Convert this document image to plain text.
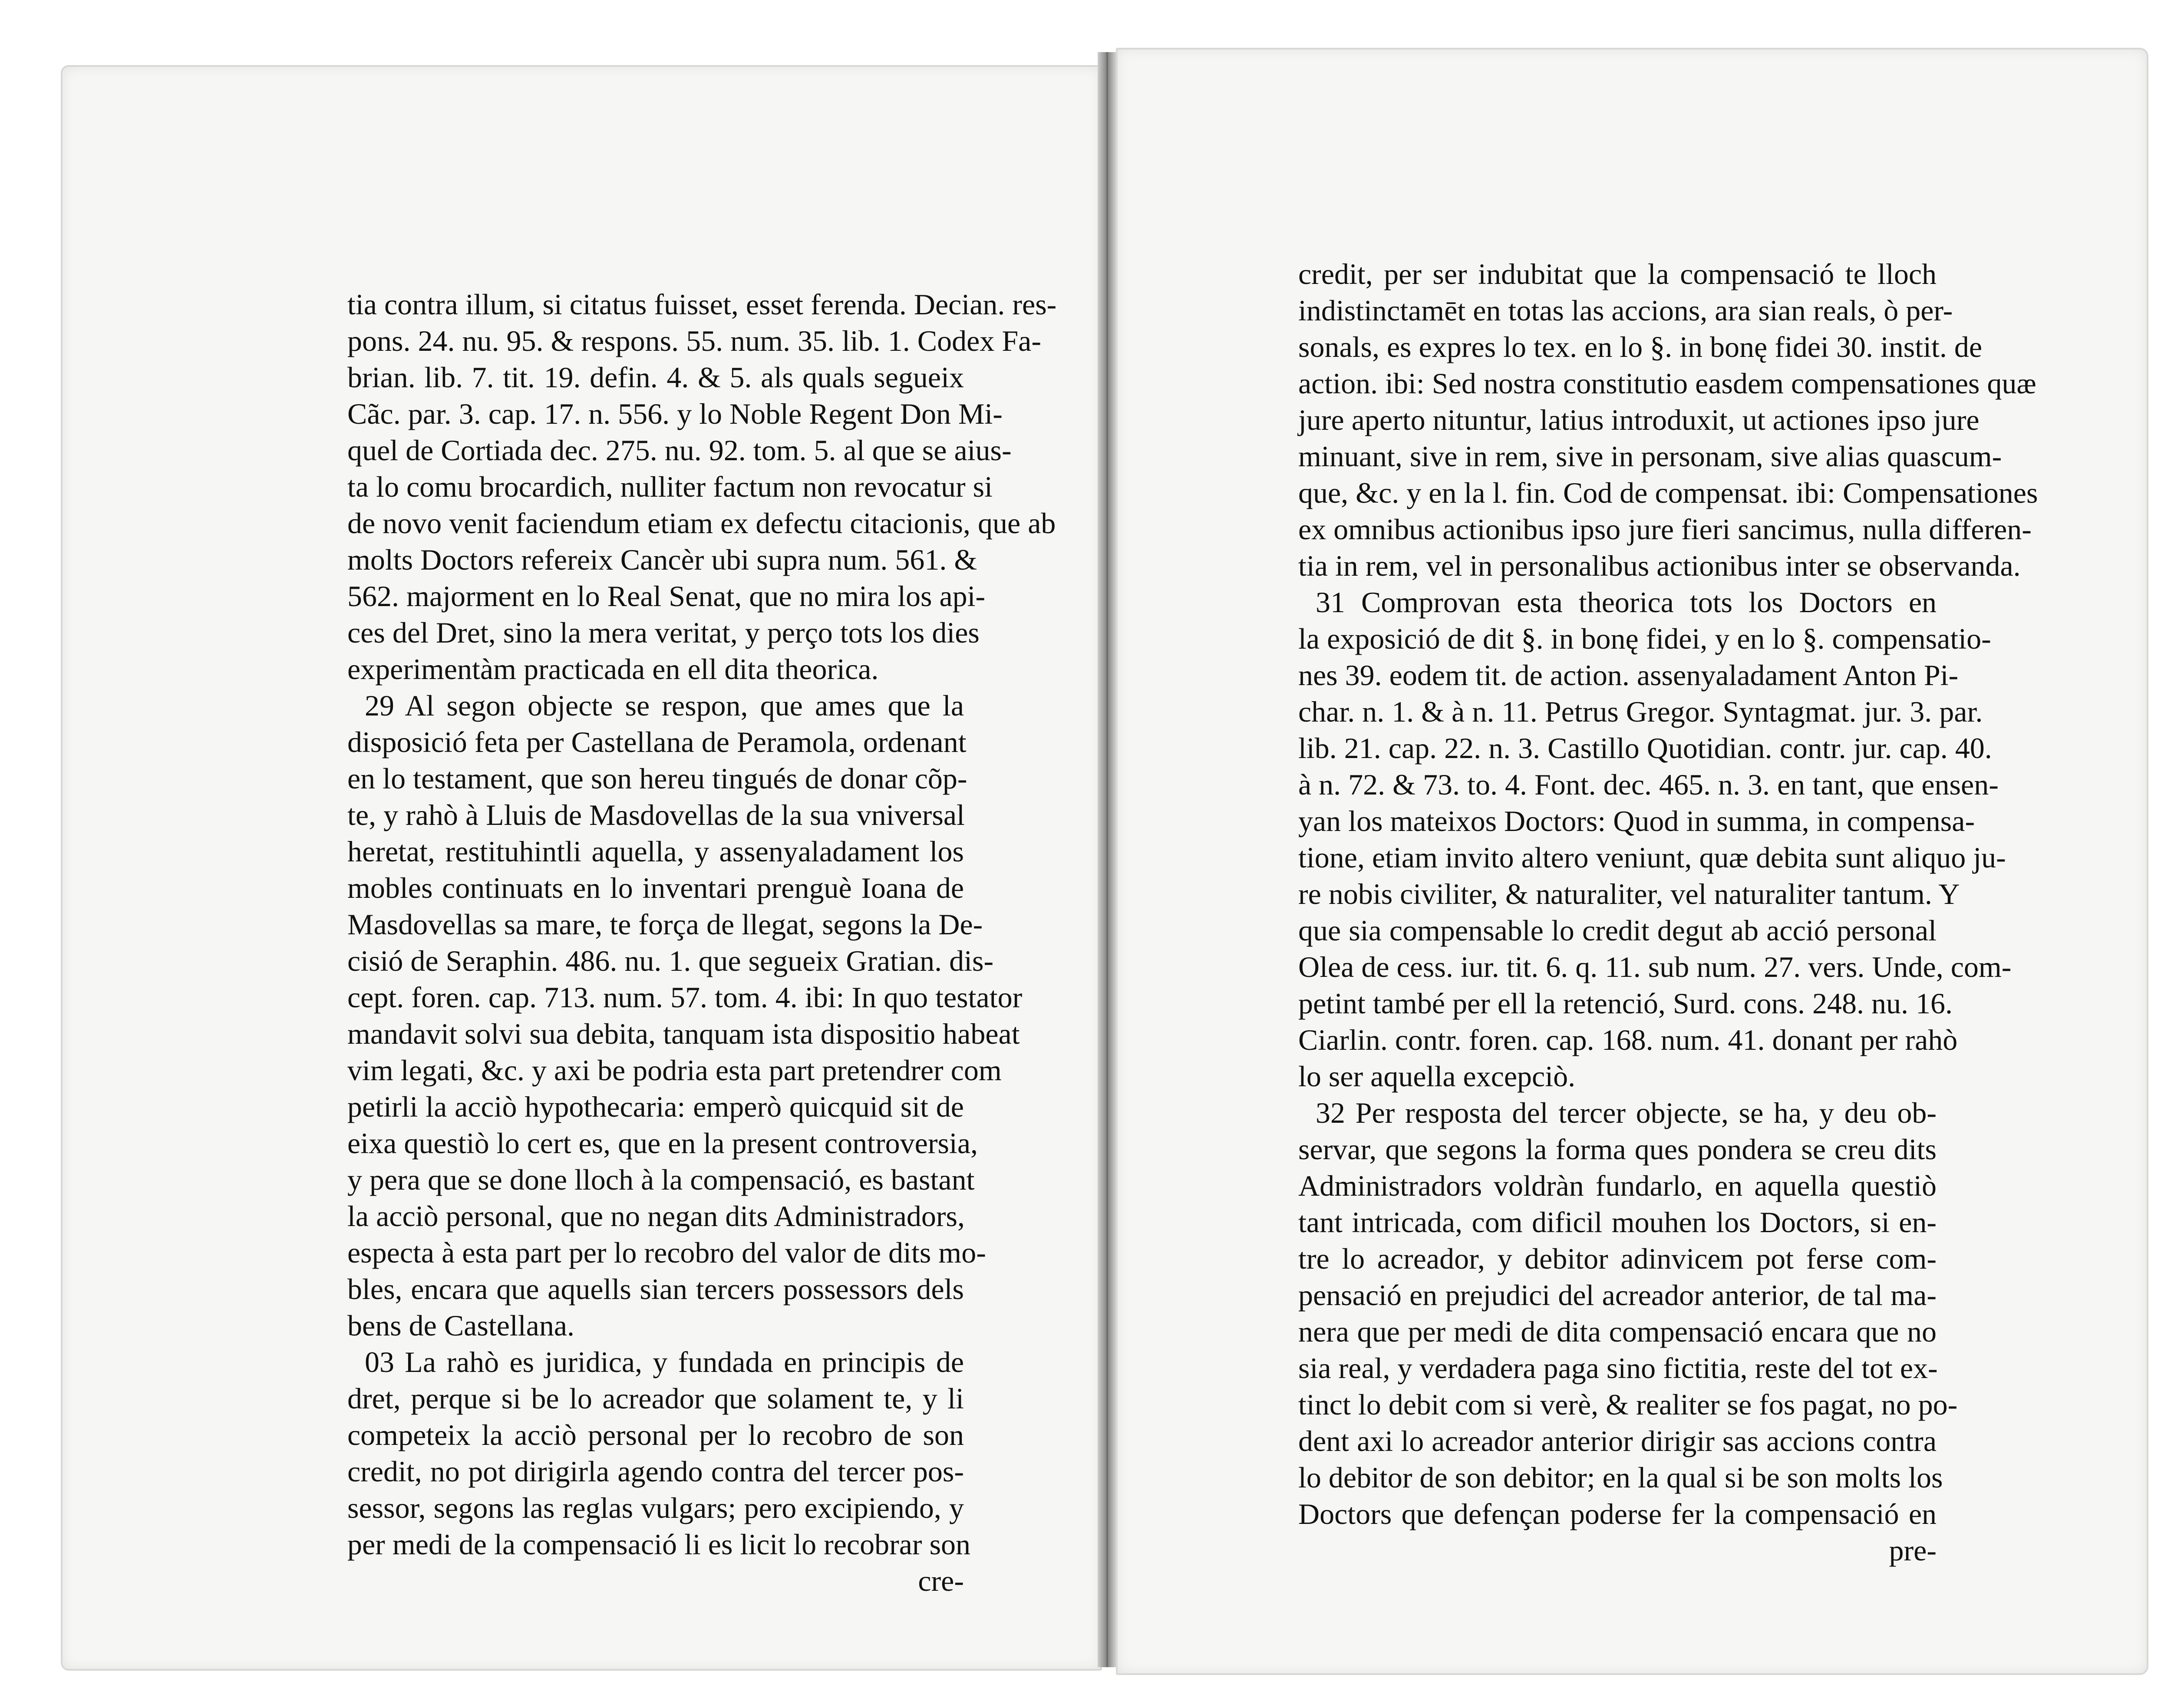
tia contra illum, si citatus fuisset, esset ferenda. Decian. res-
pons. 24. nu. 95. & respons. 55. num. 35. lib. 1. Codex Fa-
brian. lib. 7. tit. 19. defin. 4. & 5. als quals segueix
Cãc. par. 3. cap. 17. n. 556. y lo Noble Regent Don Mi-
quel de Cortiada dec. 275. nu. 92. tom. 5. al que se aius-
ta lo comu brocardich, nulliter factum non revocatur si
de novo venit faciendum etiam ex defectu citacionis, que ab
molts Doctors refereix Cancèr ubi supra num. 561. &
562. majorment en lo Real Senat, que no mira los api-
ces del Dret, sino la mera veritat, y perço tots los dies
experimentàm practicada en ell dita theorica.
29 Al segon objecte se respon, que ames que la
disposició feta per Castellana de Peramola, ordenant
en lo testament, que son hereu tingués de donar cõp-
te, y rahò à Lluis de Masdovellas de la sua vniversal
heretat, restituhintli aquella, y assenyaladament los
mobles continuats en lo inventari prenguè Ioana de
Masdovellas sa mare, te força de llegat, segons la De-
cisió de Seraphin. 486. nu. 1. que segueix Gratian. dis-
cept. foren. cap. 713. num. 57. tom. 4. ibi: In quo testator
mandavit solvi sua debita, tanquam ista dispositio habeat
vim legati, &c. y axi be podria esta part pretendrer com
petirli la acciò hypothecaria: emperò quicquid sit de
eixa questiò lo cert es, que en la present controversia,
y pera que se done lloch à la compensació, es bastant
la acciò personal, que no negan dits Administradors,
especta à esta part per lo recobro del valor de dits mo-
bles, encara que aquells sian tercers possessors dels
bens de Castellana.
03 La rahò es juridica, y fundada en principis de
dret, perque si be lo acreador que solament te, y li
competeix la acciò personal per lo recobro de son
credit, no pot dirigirla agendo contra del tercer pos-
sessor, segons las reglas vulgars; pero excipiendo, y
per medi de la compensació li es licit lo recobrar son
cre-
credit, per ser indubitat que la compensació te lloch
indistinctamēt en totas las accions, ara sian reals, ò per-
sonals, es expres lo tex. en lo §. in bonę fidei 30. instit. de
action. ibi: Sed nostra constitutio easdem compensationes quæ
jure aperto nituntur, latius introduxit, ut actiones ipso jure
minuant, sive in rem, sive in personam, sive alias quascum-
que, &c. y en la l. fin. Cod de compensat. ibi: Compensationes
ex omnibus actionibus ipso jure fieri sancimus, nulla differen-
tia in rem, vel in personalibus actionibus inter se observanda.
31 Comprovan esta theorica tots los Doctors en
la exposició de dit §. in bonę fidei, y en lo §. compensatio-
nes 39. eodem tit. de action. assenyaladament Anton Pi-
char. n. 1. & à n. 11. Petrus Gregor. Syntagmat. jur. 3. par.
lib. 21. cap. 22. n. 3. Castillo Quotidian. contr. jur. cap. 40.
à n. 72. & 73. to. 4. Font. dec. 465. n. 3. en tant, que ensen-
yan los mateixos Doctors: Quod in summa, in compensa-
tione, etiam invito altero veniunt, quæ debita sunt aliquo ju-
re nobis civiliter, & naturaliter, vel naturaliter tantum. Y
que sia compensable lo credit degut ab acció personal
Olea de cess. iur. tit. 6. q. 11. sub num. 27. vers. Unde, com-
petint també per ell la retenció, Surd. cons. 248. nu. 16.
Ciarlin. contr. foren. cap. 168. num. 41. donant per rahò
lo ser aquella excepciò.
32 Per resposta del tercer objecte, se ha, y deu ob-
servar, que segons la forma ques pondera se creu dits
Administradors voldràn fundarlo, en aquella questiò
tant intricada, com dificil mouhen los Doctors, si en-
tre lo acreador, y debitor adinvicem pot ferse com-
pensació en prejudici del acreador anterior, de tal ma-
nera que per medi de dita compensació encara que no
sia real, y verdadera paga sino fictitia, reste del tot ex-
tinct lo debit com si verè, & realiter se fos pagat, no po-
dent axi lo acreador anterior dirigir sas accions contra
lo debitor de son debitor; en la qual si be son molts los
Doctors que defençan poderse fer la compensació en
pre-
